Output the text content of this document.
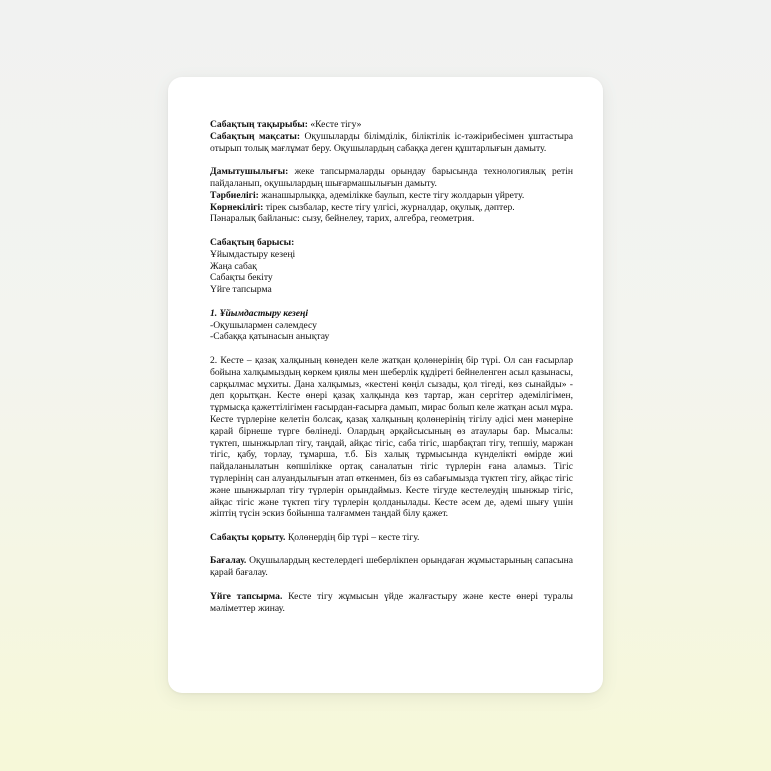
Сабақтың тақырыбы: «Кесте тігу»

Сабақтың мақсаты: Оқушыларды білімділік, біліктілік іс-тәжірибесімен ұштастыра отырып толық мағлұмат беру. Оқушылардың сабаққа деген құштарлығын дамыту.

Дамытушылығы: жеке тапсырмаларды орындау барысында технологиялық ретін пайдаланып, оқушылардың шығармашылығын дамыту.

Тәрбиелігі: жанашырлыққа, әдемілікке баулып, кесте тігу жолдарын үйрету.

Көрнекілігі: тірек сызбалар, кесте тігу үлгісі, журналдар, оқулық, дәптер.

Пәнаралық байланыс: сызу, бейнелеу, тарих, алгебра, геометрия.

Сабақтың барысы:

Ұйымдастыру кезеңі

Жаңа сабақ

Сабақты бекіту

Үйге тапсырма

1. Ұйымдастыру кезеңі

-Оқушылармен сәлемдесу

-Сабаққа қатынасын анықтау

2. Кесте – қазақ халқының көнеден келе жатқан қолөнерінің бір түрі. Ол сан ғасырлар бойына халқымыздың көркем қиялы мен шеберлік құдіреті бейнеленген асыл қазынасы, сарқылмас мұхиты. Дана халқымыз, «кестені көңіл сызады, қол тігеді, көз сынайды» - деп қорытқан. Кесте өнері қазақ халқында көз тартар, жан сергітер әдемілігімен, тұрмысқа қажеттілігімен ғасырдан-ғасырға дамып, мирас болып келе жатқан асыл мұра. Кесте түрлеріне келетін болсақ, қазақ халқының қолөнерінің тігілу әдісі мен мәнеріне қарай бірнеше түрге бөлінеді. Олардың әрқайсысының өз атаулары бар. Мысалы: түктеп, шынжырлап тігу, таңдай, айқас тігіс, саба тігіс, шарбақтап тігу, тепшіу, маржан тігіс, қабу, торлау, тұмарша, т.б. Біз халық тұрмысында күнделікті өмірде жиі пайдаланылатын көпшілікке ортақ саналатын тігіс түрлерін ғана аламыз. Тігіс түрлерінің сан алуандылығын атап өткенмен, біз өз сабағымызда түктеп тігу, айқас тігіс және шынжырлап тігу түрлерін орындаймыз. Кесте тігуде кестелеудің шынжыр тігіс, айқас тігіс және түктеп тігу түрлерін қолданылады. Кесте әсем де, әдемі шығу үшін жіптің түсін эскиз бойынша талғаммен таңдай білу қажет.

Сабақты қорыту. Қолөнердің бір түрі – кесте тігу.

Бағалау. Оқушылардың кестелердегі шеберлікпен орындаған жұмыстарының сапасына қарай бағалау.

Үйге тапсырма. Кесте тігу жұмысын үйде жалғастыру және кесте өнері туралы мәліметтер жинау.
